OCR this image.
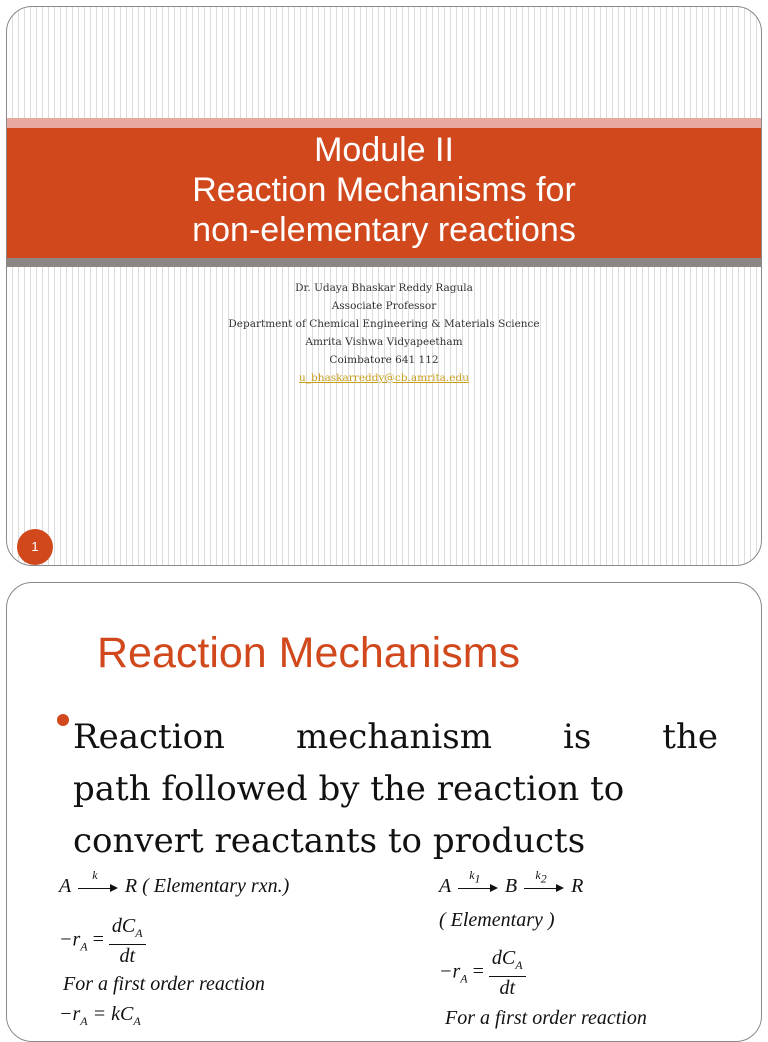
Module II
Reaction Mechanisms for
non-elementary reactions
Dr. Udaya Bhaskar Reddy Ragula
Associate Professor
Department of Chemical Engineering & Materials Science
Amrita Vishwa Vidyapeetham
Coimbatore 641 112
u_bhaskarreddy@cb.amrita.edu
1
Reaction Mechanisms
Reaction mechanism is the
path followed by the reaction to
convert reactants to products
A	k	R ( Elementary rxn.)
$-r_A = \frac{dC_A}{dt}$
For a first order reaction
$-r_A = kC_A$
A	$k_1$	B	$k_2$	R
( Elementary )
$-r_A = \frac{dC_A}{dt}$
For a first order reaction
